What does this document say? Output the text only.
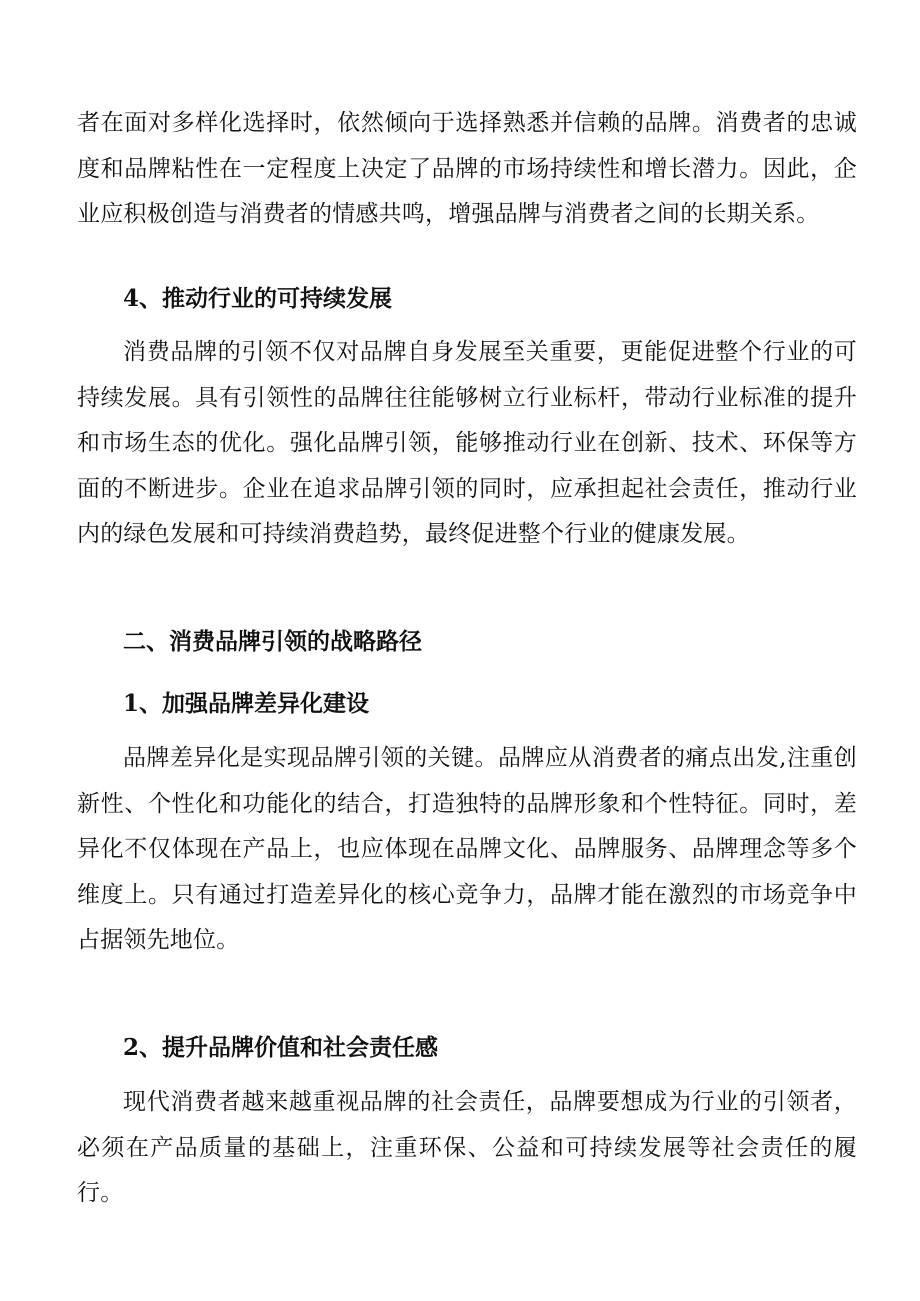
者在面对多样化选择时，依然倾向于选择熟悉并信赖的品牌。消费者的忠诚度和品牌粘性在一定程度上决定了品牌的市场持续性和增长潜力。因此，企业应积极创造与消费者的情感共鸣，增强品牌与消费者之间的长期关系。

4、推动行业的可持续发展

消费品牌的引领不仅对品牌自身发展至关重要，更能促进整个行业的可持续发展。具有引领性的品牌往往能够树立行业标杆，带动行业标准的提升和市场生态的优化。强化品牌引领，能够推动行业在创新、技术、环保等方面的不断进步。企业在追求品牌引领的同时，应承担起社会责任，推动行业内的绿色发展和可持续消费趋势，最终促进整个行业的健康发展。

二、消费品牌引领的战略路径
1、加强品牌差异化建设

品牌差异化是实现品牌引领的关键。品牌应从消费者的痛点出发,注重创新性、个性化和功能化的结合，打造独特的品牌形象和个性特征。同时，差异化不仅体现在产品上，也应体现在品牌文化、品牌服务、品牌理念等多个维度上。只有通过打造差异化的核心竞争力，品牌才能在激烈的市场竞争中占据领先地位。

2、提升品牌价值和社会责任感

现代消费者越来越重视品牌的社会责任，品牌要想成为行业的引领者，必须在产品质量的基础上，注重环保、公益和可持续发展等社会责任的履行。
